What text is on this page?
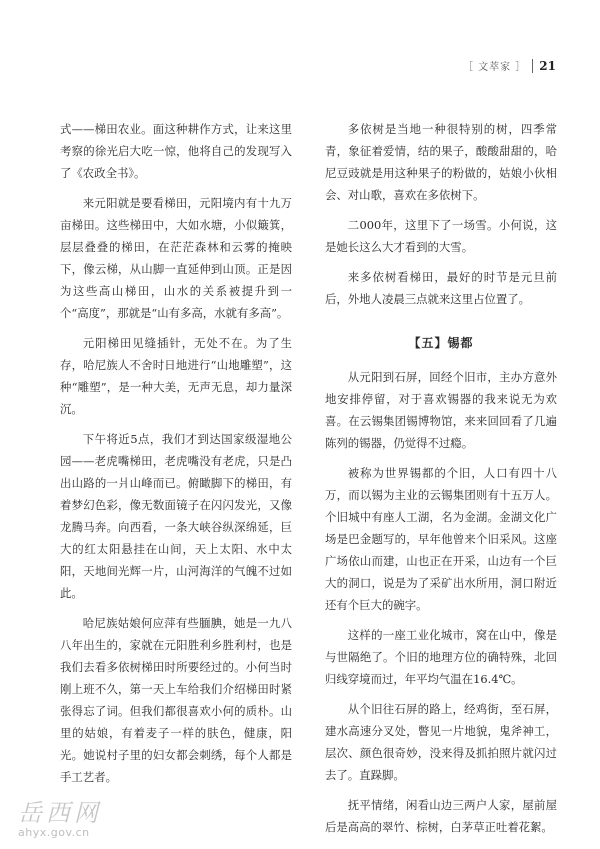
［ 文萃家 ］ 21

式——梯田农业。面这种耕作方式，让来这里考察的徐光启大吃一惊，他将自己的发现写入了《农政全书》。

来元阳就是要看梯田，元阳境内有十九万亩梯田。这些梯田中，大如水塘，小似簸箕，层层叠叠的梯田，在茫茫森林和云雾的掩映下，像云梯，从山脚一直延伸到山顶。正是因为这些高山梯田，山水的关系被提升到一个“高度”，那就是“山有多高，水就有多高”。

元阳梯田见缝插针，无处不在。为了生存，哈尼族人不舍时日地进行“山地雕塑”，这种“雕塑”，是一种大美，无声无息，却力量深沉。

下午将近5点，我们才到达国家级湿地公园——老虎嘴梯田，老虎嘴没有老虎，只是凸出山路的一爿山峰而已。俯瞰脚下的梯田，有着梦幻色彩，像无数面镜子在闪闪发光，又像龙腾马奔。向西看，一条大峡谷纵深绵延，巨大的红太阳悬挂在山间，天上太阳、水中太阳，天地间光辉一片，山河海洋的气魄不过如此。

哈尼族姑娘何应萍有些腼腆，她是一九八八年出生的，家就在元阳胜利乡胜利村，也是我们去看多依树梯田时所要经过的。小何当时刚上班不久，第一天上车给我们介绍梯田时紧张得忘了词。但我们都很喜欢小何的质朴。山里的姑娘，有着麦子一样的肤色，健康，阳光。她说村子里的妇女都会刺绣，每个人都是手工艺者。

多依树是当地一种很特别的树，四季常青，象征着爱情，结的果子，酸酸甜甜的，哈尼豆豉就是用这种果子的粉做的，姑娘小伙相会、对山歌，喜欢在多依树下。

二000年，这里下了一场雪。小何说，这是她长这么大才看到的大雪。

来多依树看梯田，最好的时节是元旦前后，外地人凌晨三点就来这里占位置了。

【五】锡都

从元阳到石屏，回经个旧市，主办方意外地安排停留，对于喜欢锡器的我来说无为欢喜。在云锡集团锡博物馆，来来回回看了几遍陈列的锡器，仍觉得不过瘾。

被称为世界锡都的个旧，人口有四十八万，而以锡为主业的云锡集团则有十五万人。个旧城中有座人工湖，名为金湖。金湖文化广场是巴金题写的，早年他曾来个旧采风。这座广场依山而建，山也正在开采，山边有一个巨大的洞口，说是为了采矿出水所用，洞口附近还有个巨大的碗字。

这样的一座工业化城市，窝在山中，像是与世隔绝了。个旧的地理方位的确特殊，北回归线穿境而过，年平均气温在16.4℃。

从个旧往石屏的路上，经鸡街，至石屏，建水高速分叉处，瞥见一片地貌，鬼斧神工，层次、颜色很奇妙，没来得及抓拍照片就闪过去了。直跺脚。

抚平情绪，闲看山边三两户人家，屋前屋后是高高的翠竹、棕树，白茅草正吐着花絮。

岳西网
ahyx.gov.cn
